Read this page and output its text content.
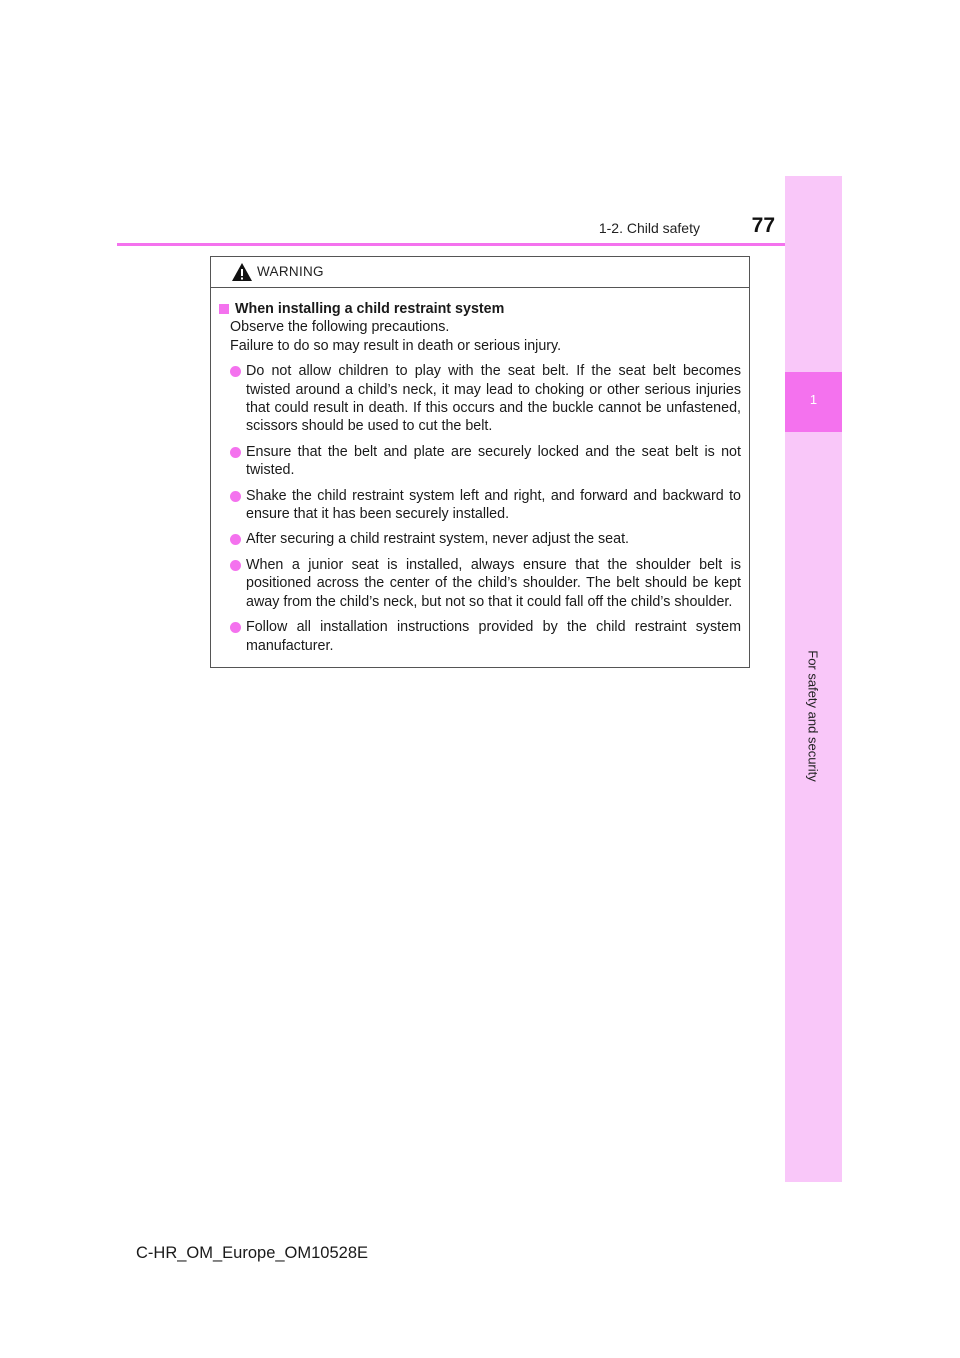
1
For safety and security
1-2. Child safety	77
WARNING
When installing a child restraint system
Observe the following precautions.
Failure to do so may result in death or serious injury.
Do not allow children to play with the seat belt. If the seat belt becomes twisted around a child’s neck, it may lead to choking or other serious injuries that could result in death. If this occurs and the buckle cannot be unfastened, scissors should be used to cut the belt.
Ensure that the belt and plate are securely locked and the seat belt is not twisted.
Shake the child restraint system left and right, and forward and backward to ensure that it has been securely installed.
After securing a child restraint system, never adjust the seat.
When a junior seat is installed, always ensure that the shoulder belt is positioned across the center of the child’s shoulder. The belt should be kept away from the child’s neck, but not so that it could fall off the child’s shoulder.
Follow all installation instructions provided by the child restraint system manufacturer.
C-HR_OM_Europe_OM10528E
